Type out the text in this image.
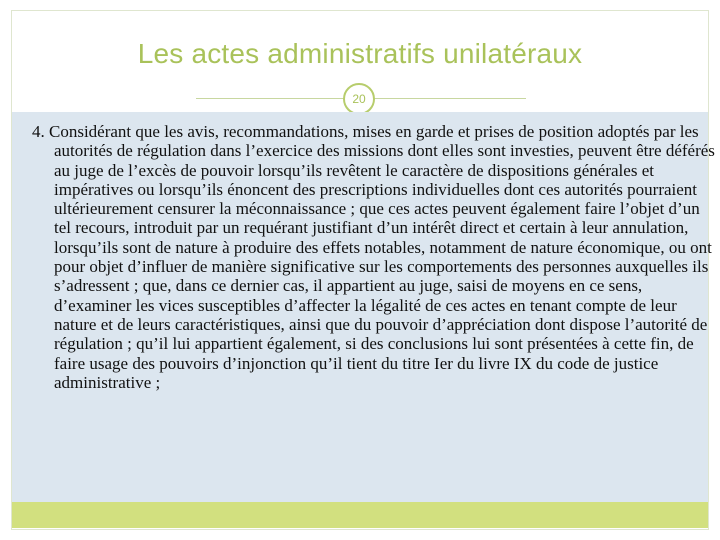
Les actes administratifs unilatéraux
20

4. Considérant que les avis, recommandations, mises en garde et prises de position adoptés par les autorités de régulation dans l’exercice des missions dont elles sont investies, peuvent être déférés au juge de l’excès de pouvoir lorsqu’ils revêtent le caractère de dispositions générales et impératives ou lorsqu’ils énoncent des prescriptions individuelles dont ces autorités pourraient ultérieurement censurer la méconnaissance ; que ces actes peuvent également faire l’objet d’un tel recours, introduit par un requérant justifiant d’un intérêt direct et certain à leur annulation, lorsqu’ils sont de nature à produire des effets notables, notamment de nature économique, ou ont pour objet d’influer de manière significative sur les comportements des personnes auxquelles ils s’adressent ; que, dans ce dernier cas, il appartient au juge, saisi de moyens en ce sens, d’examiner les vices susceptibles d’affecter la légalité de ces actes en tenant compte de leur nature et de leurs caractéristiques, ainsi que du pouvoir d’appréciation dont dispose l’autorité de régulation ; qu’il lui appartient également, si des conclusions lui sont présentées à cette fin, de faire usage des pouvoirs d’injonction qu’il tient du titre Ier du livre IX du code de justice administrative ;
